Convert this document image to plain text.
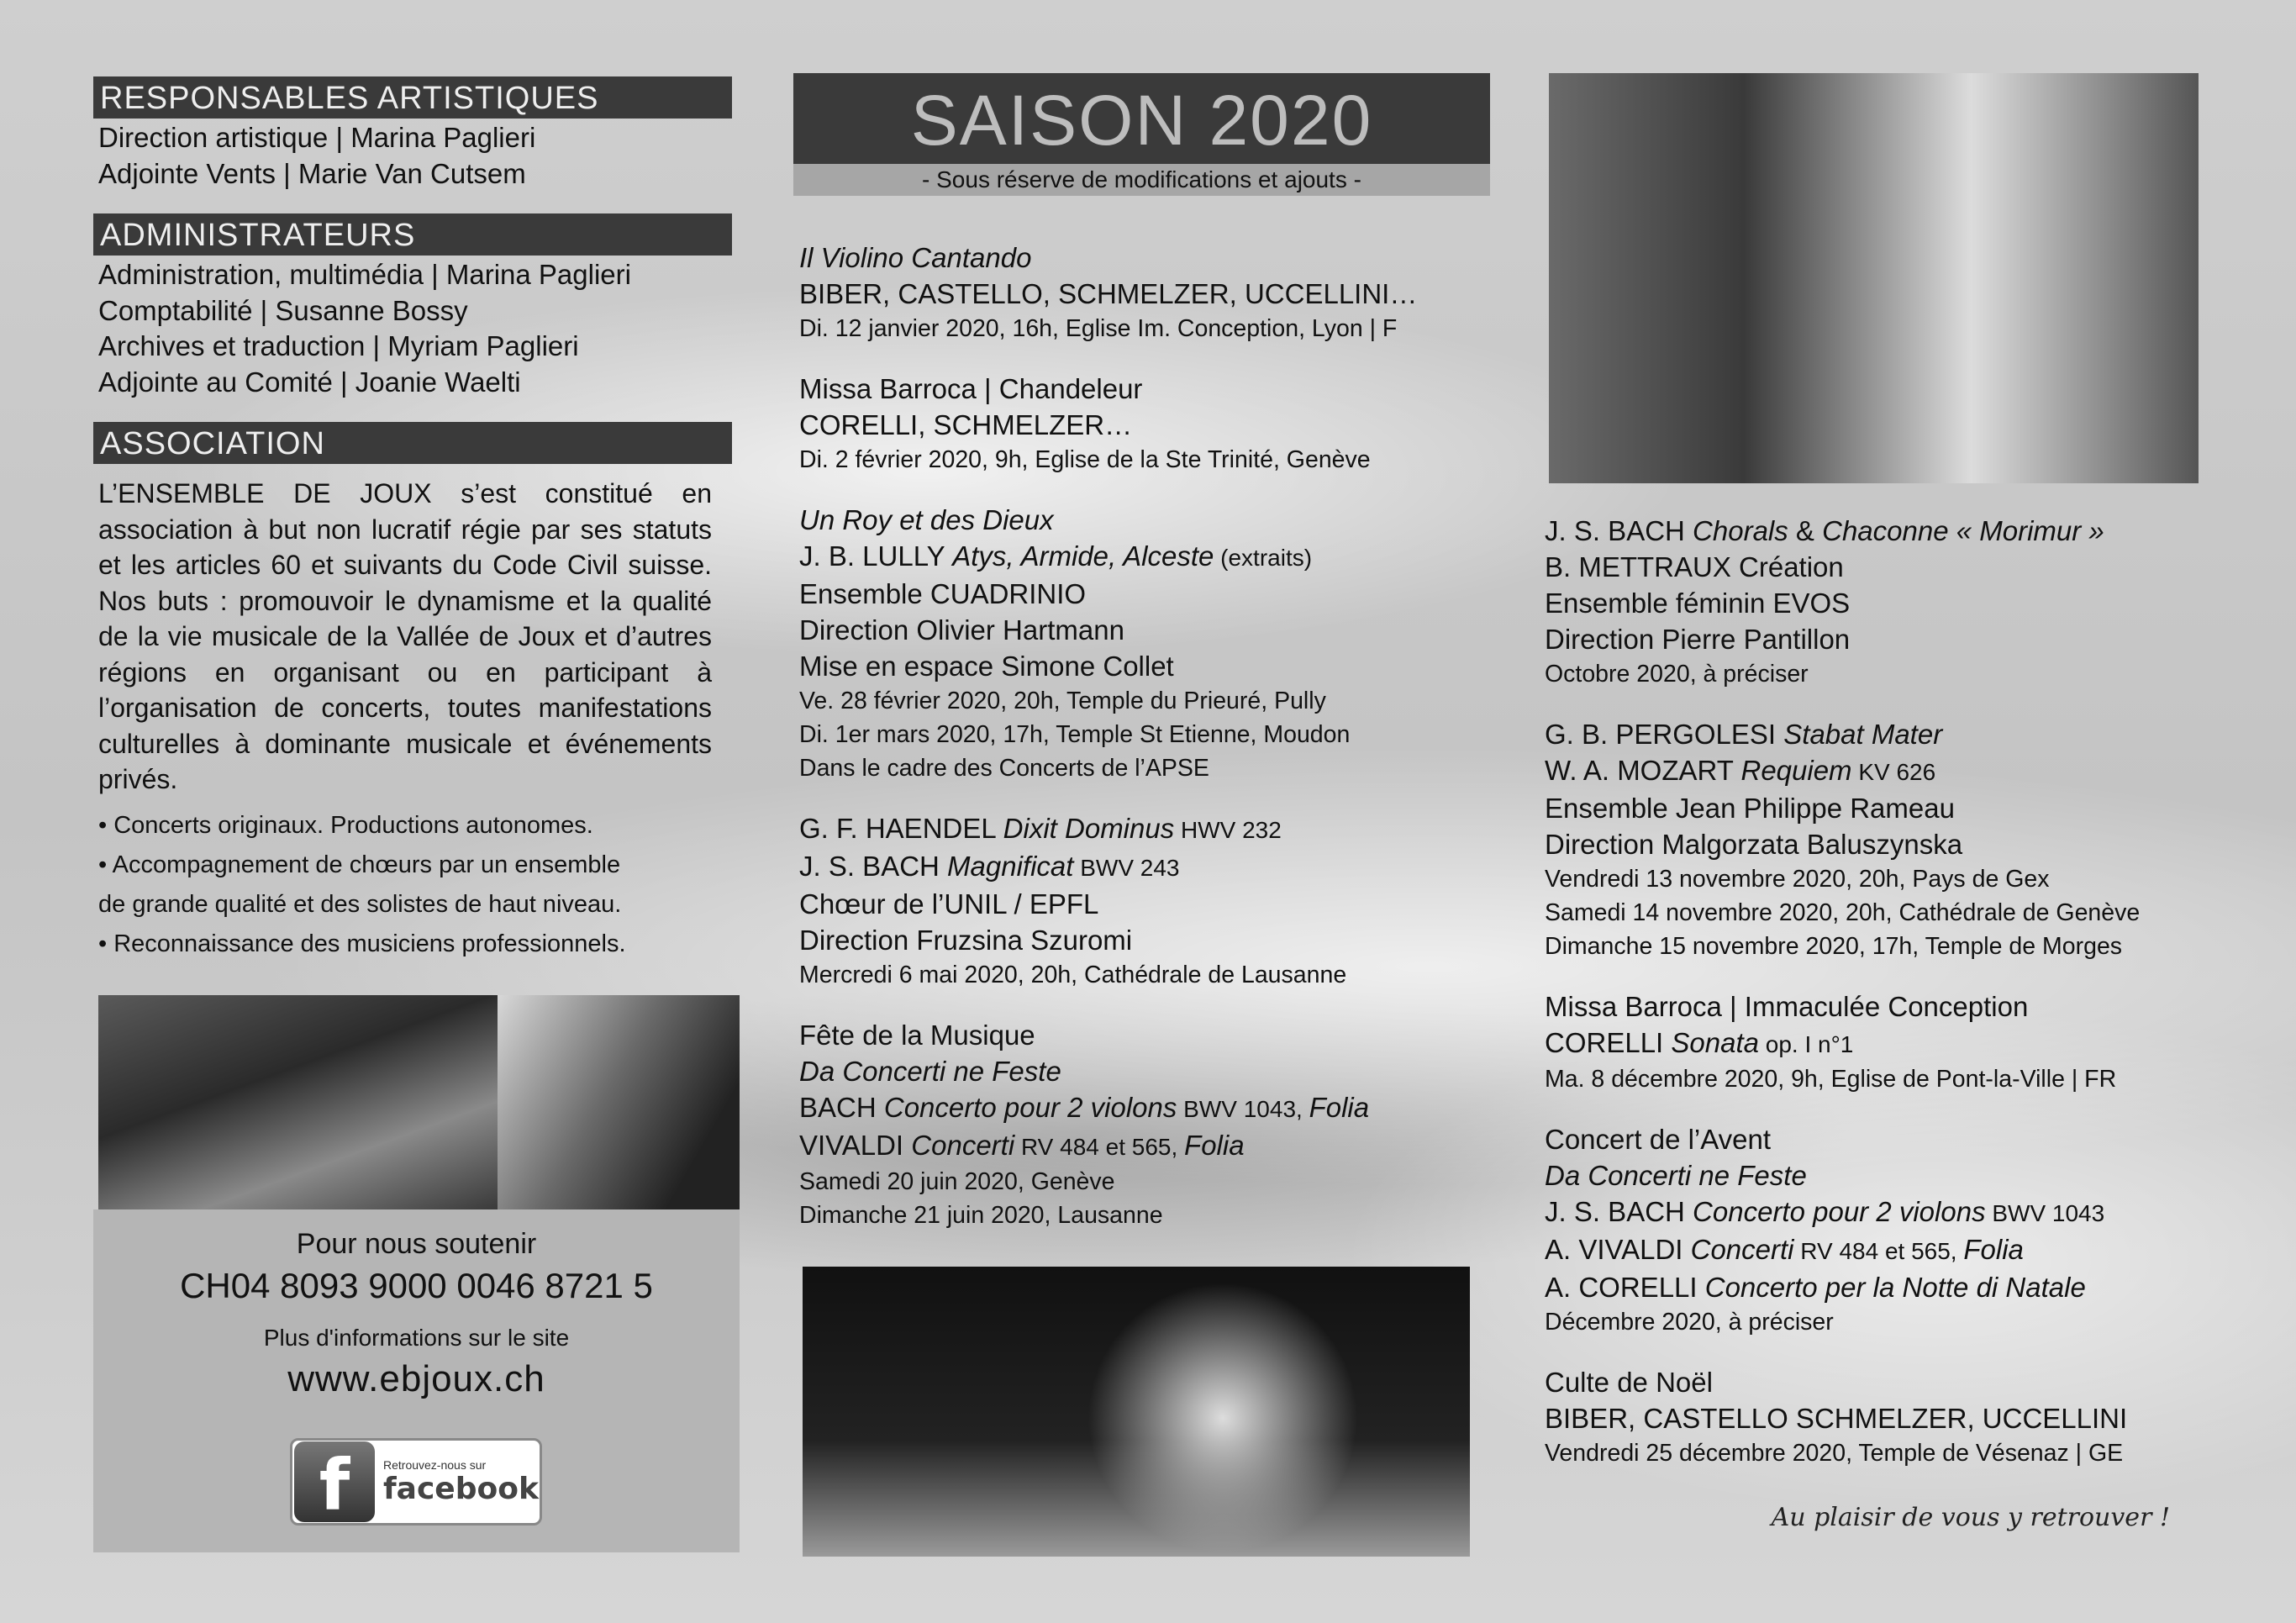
RESPONSABLES ARTISTIQUES
Direction artistique | Marina Paglieri
Adjointe Vents | Marie Van Cutsem
ADMINISTRATEURS
Administration, multimédia | Marina Paglieri
Comptabilité | Susanne Bossy
Archives et traduction | Myriam Paglieri
Adjointe au Comité | Joanie Waelti
ASSOCIATION
L’ENSEMBLE DE JOUX s’est constitué en association à but non lucratif régie par ses statuts et les articles 60 et suivants du Code Civil suisse. Nos buts : promouvoir le dynamisme et la qualité de la vie musicale de la Vallée de Joux et d’autres régions en organisant ou en participant à l’organisation de concerts, toutes manifestations culturelles à dominante musicale et événements privés.
• Concerts originaux. Productions autonomes.
• Accompagnement de chœurs par un ensemble
de grande qualité et des solistes de haut niveau.
• Reconnaissance des musiciens professionnels.
Pour nous soutenir
CH04 8093 9000 0046 8721 5
Plus d'informations sur le site
www.ebjoux.ch
f	Retrouvez-nous sur
facebook
SAISON 2020
- Sous réserve de modifications et ajouts -
Il Violino Cantando
BIBER, CASTELLO, SCHMELZER, UCCELLINI…
Di. 12 janvier 2020, 16h, Eglise Im. Conception, Lyon | F
Missa Barroca | Chandeleur
CORELLI, SCHMELZER…
Di. 2 février 2020, 9h, Eglise de la Ste Trinité, Genève
Un Roy et des Dieux
J. B. LULLY Atys, Armide, Alceste (extraits)
Ensemble CUADRINIO
Direction Olivier Hartmann
Mise en espace Simone Collet
Ve. 28 février 2020, 20h, Temple du Prieuré, Pully
Di. 1er mars 2020, 17h, Temple St Etienne, Moudon
Dans le cadre des Concerts de l’APSE
G. F. HAENDEL Dixit Dominus HWV 232
J. S. BACH Magnificat BWV 243
Chœur de l’UNIL / EPFL
Direction Fruzsina Szuromi
Mercredi 6 mai 2020, 20h, Cathédrale de Lausanne
Fête de la Musique
Da Concerti ne Feste
BACH Concerto pour 2 violons BWV 1043, Folia
VIVALDI Concerti RV 484 et 565, Folia
Samedi 20 juin 2020, Genève
Dimanche 21 juin 2020, Lausanne
J. S. BACH Chorals & Chaconne « Morimur »
B. METTRAUX Création
Ensemble féminin EVOS
Direction Pierre Pantillon
Octobre 2020, à préciser
G. B. PERGOLESI Stabat Mater
W. A. MOZART Requiem KV 626
Ensemble Jean Philippe Rameau
Direction Malgorzata Baluszynska
Vendredi 13 novembre 2020, 20h, Pays de Gex
Samedi 14 novembre 2020, 20h, Cathédrale de Genève
Dimanche 15 novembre 2020, 17h, Temple de Morges
Missa Barroca | Immaculée Conception
CORELLI Sonata op. I n°1
Ma. 8 décembre 2020, 9h, Eglise de Pont-la-Ville | FR
Concert de l’Avent
Da Concerti ne Feste
J. S. BACH Concerto pour 2 violons BWV 1043
A. VIVALDI Concerti RV 484 et 565, Folia
A. CORELLI Concerto per la Notte di Natale
Décembre 2020, à préciser
Culte de Noël
BIBER, CASTELLO SCHMELZER, UCCELLINI
Vendredi 25 décembre 2020, Temple de Vésenaz | GE
Au plaisir de vous y retrouver !
